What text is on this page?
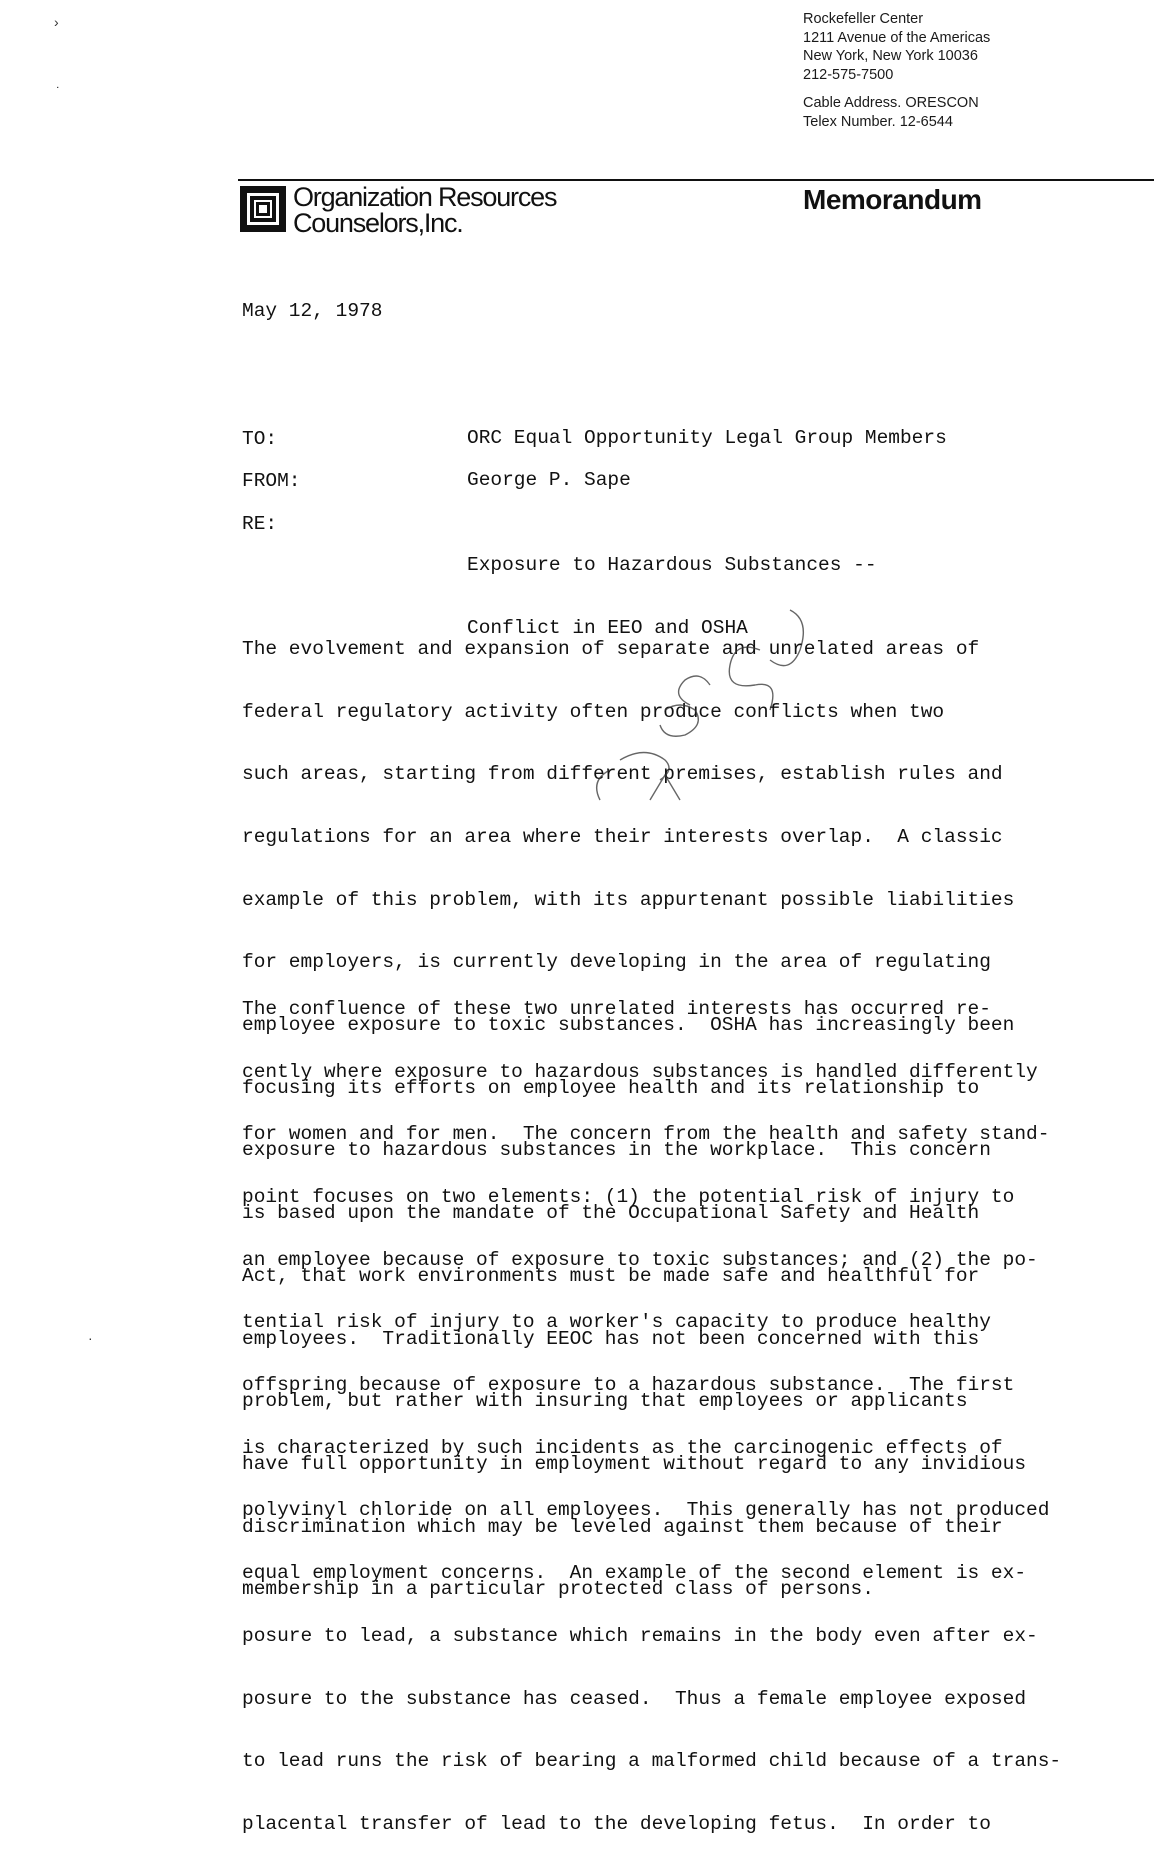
›
˙
·
Rockefeller Center
1211 Avenue of the Americas
New York, New York 10036
212-575-7500
Cable Address. ORESCON
Telex Number. 12-6544
Organization Resources
Counselors,Inc.
Memorandum
May 12, 1978
TO:	ORC Equal Opportunity Legal Group Members
FROM:	George P. Sape
RE:

Exposure to Hazardous Substances --

Conflict in EEO and OSHA

The evolvement and expansion of separate and unrelated areas of

federal regulatory activity often produce conflicts when two

such areas, starting from different premises, establish rules and

regulations for an area where their interests overlap.  A classic

example of this problem, with its appurtenant possible liabilities

for employers, is currently developing in the area of regulating

employee exposure to toxic substances.  OSHA has increasingly been

focusing its efforts on employee health and its relationship to

exposure to hazardous substances in the workplace.  This concern

is based upon the mandate of the Occupational Safety and Health

Act, that work environments must be made safe and healthful for

employees.  Traditionally EEOC has not been concerned with this

problem, but rather with insuring that employees or applicants

have full opportunity in employment without regard to any invidious

discrimination which may be leveled against them because of their

membership in a particular protected class of persons.

The confluence of these two unrelated interests has occurred re-

cently where exposure to hazardous substances is handled differently

for women and for men.  The concern from the health and safety stand-

point focuses on two elements: (1) the potential risk of injury to

an employee because of exposure to toxic substances; and (2) the po-

tential risk of injury to a worker's capacity to produce healthy

offspring because of exposure to a hazardous substance.  The first

is characterized by such incidents as the carcinogenic effects of

polyvinyl chloride on all employees.  This generally has not produced

equal employment concerns.  An example of the second element is ex-

posure to lead, a substance which remains in the body even after ex-

posure to the substance has ceased.  Thus a female employee exposed

to lead runs the risk of bearing a malformed child because of a trans-

placental transfer of lead to the developing fetus.  In order to
